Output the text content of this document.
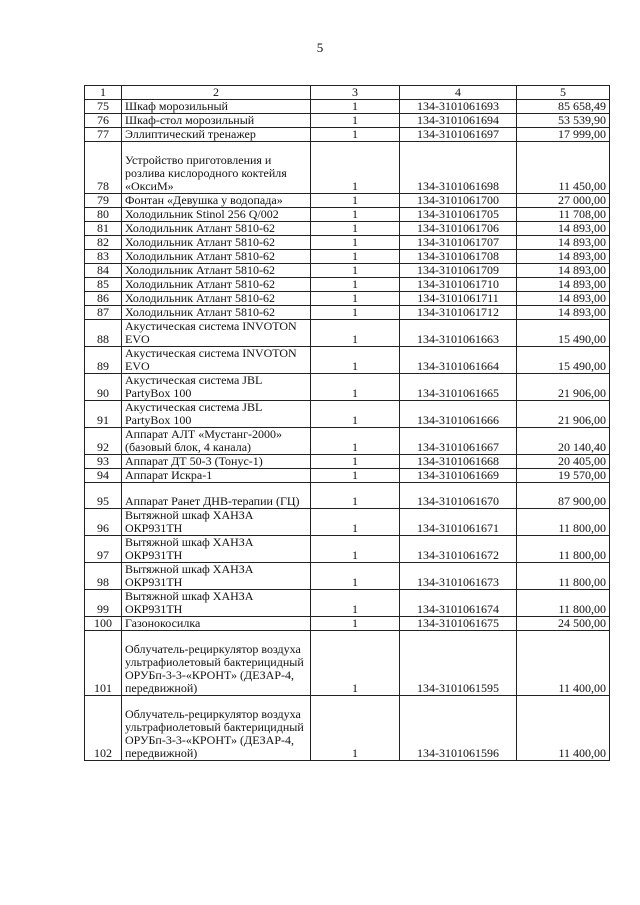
5
1	2	3	4	5
75	Шкаф морозильный	1	134-3101061693	85 658,49
76	Шкаф-стол морозильный	1	134-3101061694	53 539,90
77	Эллиптический тренажер	1	134-3101061697	17 999,00
78	Устройство приготовления и розлива кислородного коктейля «ОксиМ»	1	134-3101061698	11 450,00
79	Фонтан «Девушка у водопада»	1	134-3101061700	27 000,00
80	Холодильник Stinol 256 Q/002	1	134-3101061705	11 708,00
81	Холодильник Атлант 5810-62	1	134-3101061706	14 893,00
82	Холодильник Атлант 5810-62	1	134-3101061707	14 893,00
83	Холодильник Атлант 5810-62	1	134-3101061708	14 893,00
84	Холодильник Атлант 5810-62	1	134-3101061709	14 893,00
85	Холодильник Атлант 5810-62	1	134-3101061710	14 893,00
86	Холодильник Атлант 5810-62	1	134-3101061711	14 893,00
87	Холодильник Атлант 5810-62	1	134-3101061712	14 893,00
88	Акустическая система INVOTON EVO	1	134-3101061663	15 490,00
89	Акустическая система INVOTON EVO	1	134-3101061664	15 490,00
90	Акустическая система JBL PartyBox 100	1	134-3101061665	21 906,00
91	Акустическая система JBL PartyBox 100	1	134-3101061666	21 906,00
92	Аппарат АЛТ «Мустанг-2000» (базовый блок, 4 канала)	1	134-3101061667	20 140,40
93	Аппарат ДТ 50-3 (Тонус-1)	1	134-3101061668	20 405,00
94	Аппарат Искра-1	1	134-3101061669	19 570,00
95	Аппарат Ранет ДНВ-терапии (ГЦ)	1	134-3101061670	87 900,00
96	Вытяжной шкаф ХАНЗА ОКР931ТН	1	134-3101061671	11 800,00
97	Вытяжной шкаф ХАНЗА ОКР931ТН	1	134-3101061672	11 800,00
98	Вытяжной шкаф ХАНЗА ОКР931ТН	1	134-3101061673	11 800,00
99	Вытяжной шкаф ХАНЗА ОКР931ТН	1	134-3101061674	11 800,00
100	Газонокосилка	1	134-3101061675	24 500,00
101	Облучатель-рециркулятор воздуха ультрафиолетовый бактерицидный ОРУБп-3-3-«КРОНТ» (ДЕЗАР-4, передвижной)	1	134-3101061595	11 400,00
102	Облучатель-рециркулятор воздуха ультрафиолетовый бактерицидный ОРУБп-3-3-«КРОНТ» (ДЕЗАР-4, передвижной)	1	134-3101061596	11 400,00
